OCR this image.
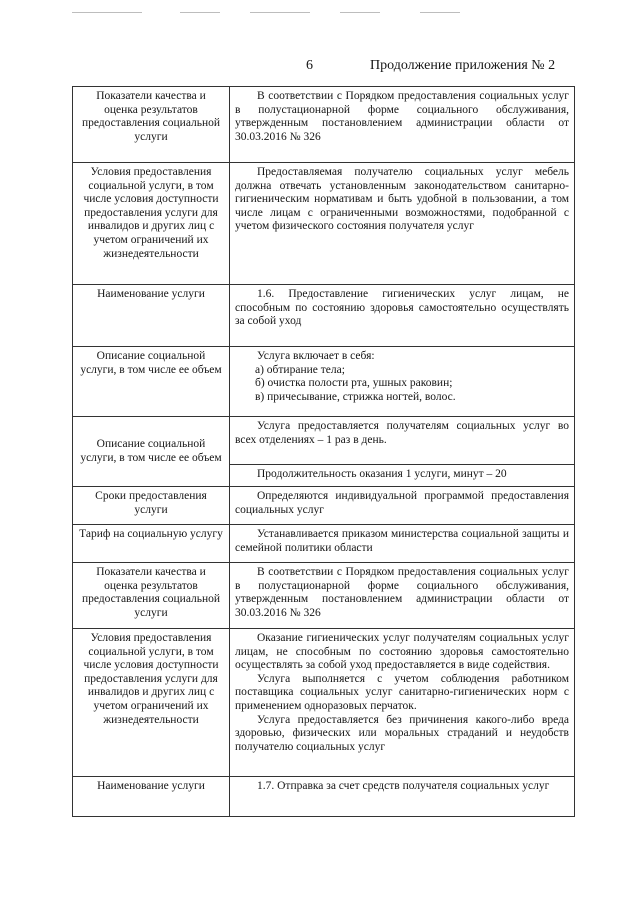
6	Продолжение приложения № 2
Показатели качества и оценка результатов предоставления социальной услуги	В соответствии с Порядком предоставления социальных услуг в полустационарной форме социального обслуживания, утвержденным постановлением администрации области от 30.03.2016 № 326

Условия предоставления социальной услуги, в том числе условия доступности предоставления услуги для инвалидов и других лиц с учетом ограничений их жизнедеятельности	Предоставляемая получателю социальных услуг мебель должна отвечать установленным законодательством санитарно-гигиеническим нормативам и быть удобной в пользовании, а том числе лицам с ограниченными возможностями, подобранной с учетом физического состояния получателя услуг

Наименование услуги	1.6. Предоставление гигиенических услуг лицам, не способным по состоянию здоровья самостоятельно осуществлять за собой уход

Описание социальной услуги, в том числе ее объем	Услуга включает в себя:

а) обтирание тела;

б) очистка полости рта, ушных раковин;

в) причесывание, стрижка ногтей, волос.

Описание социальной услуги, в том числе ее объем	Услуга предоставляется получателям социальных услуг во всех отделениях – 1 раз в день.

	Продолжительность оказания 1 услуги, минут – 20

Сроки предоставления услуги	Определяются индивидуальной программой предоставления социальных услуг

Тариф на социальную услугу	Устанавливается приказом министерства социальной защиты и семейной политики области

Показатели качества и оценка результатов предоставления социальной услуги	В соответствии с Порядком предоставления социальных услуг в полустационарной форме социального обслуживания, утвержденным постановлением администрации области от 30.03.2016 № 326

Условия предоставления социальной услуги, в том числе условия доступности предоставления услуги для инвалидов и других лиц с учетом ограничений их жизнедеятельности	Оказание гигиенических услуг получателям социальных услуг лицам, не способным по состоянию здоровья самостоятельно осуществлять за собой уход предоставляется в виде содействия.

Услуга выполняется с учетом соблюдения работником поставщика социальных услуг санитарно-гигиенических норм с применением одноразовых перчаток.

Услуга предоставляется без причинения какого-либо вреда здоровью, физических или моральных страданий и неудобств получателю социальных услуг

Наименование услуги	1.7. Отправка за счет средств получателя социальных услуг
